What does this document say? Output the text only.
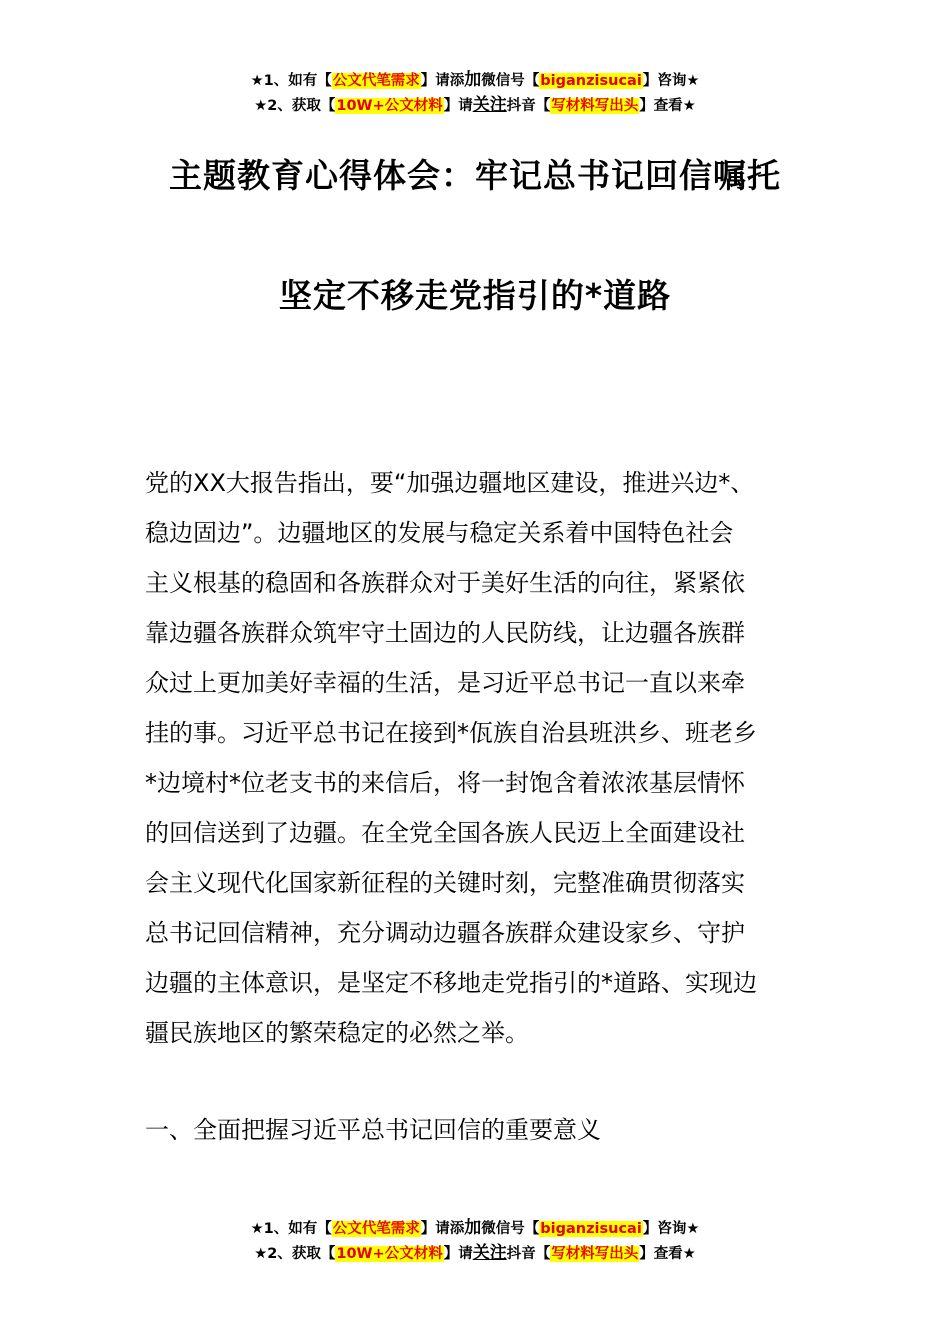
★1、如有【公文代笔需求】请添加微信号【biganzisucai】咨询★
★2、获取【10W+公文材料】请关注抖音【写材料写出头】查看★
主题教育心得体会：牢记总书记回信嘱托
坚定不移走党指引的*道路
党的XX大报告指出，要“加强边疆地区建设，推进兴边*、
稳边固边”。边疆地区的发展与稳定关系着中国特色社会
主义根基的稳固和各族群众对于美好生活的向往，紧紧依
靠边疆各族群众筑牢守土固边的人民防线，让边疆各族群
众过上更加美好幸福的生活，是习近平总书记一直以来牵
挂的事。习近平总书记在接到*佤族自治县班洪乡、班老乡
*边境村*位老支书的来信后，将一封饱含着浓浓基层情怀
的回信送到了边疆。在全党全国各族人民迈上全面建设社
会主义现代化国家新征程的关键时刻，完整准确贯彻落实
总书记回信精神，充分调动边疆各族群众建设家乡、守护
边疆的主体意识，是坚定不移地走党指引的*道路、实现边
疆民族地区的繁荣稳定的必然之举。
一、全面把握习近平总书记回信的重要意义
★1、如有【公文代笔需求】请添加微信号【biganzisucai】咨询★
★2、获取【10W+公文材料】请关注抖音【写材料写出头】查看★
